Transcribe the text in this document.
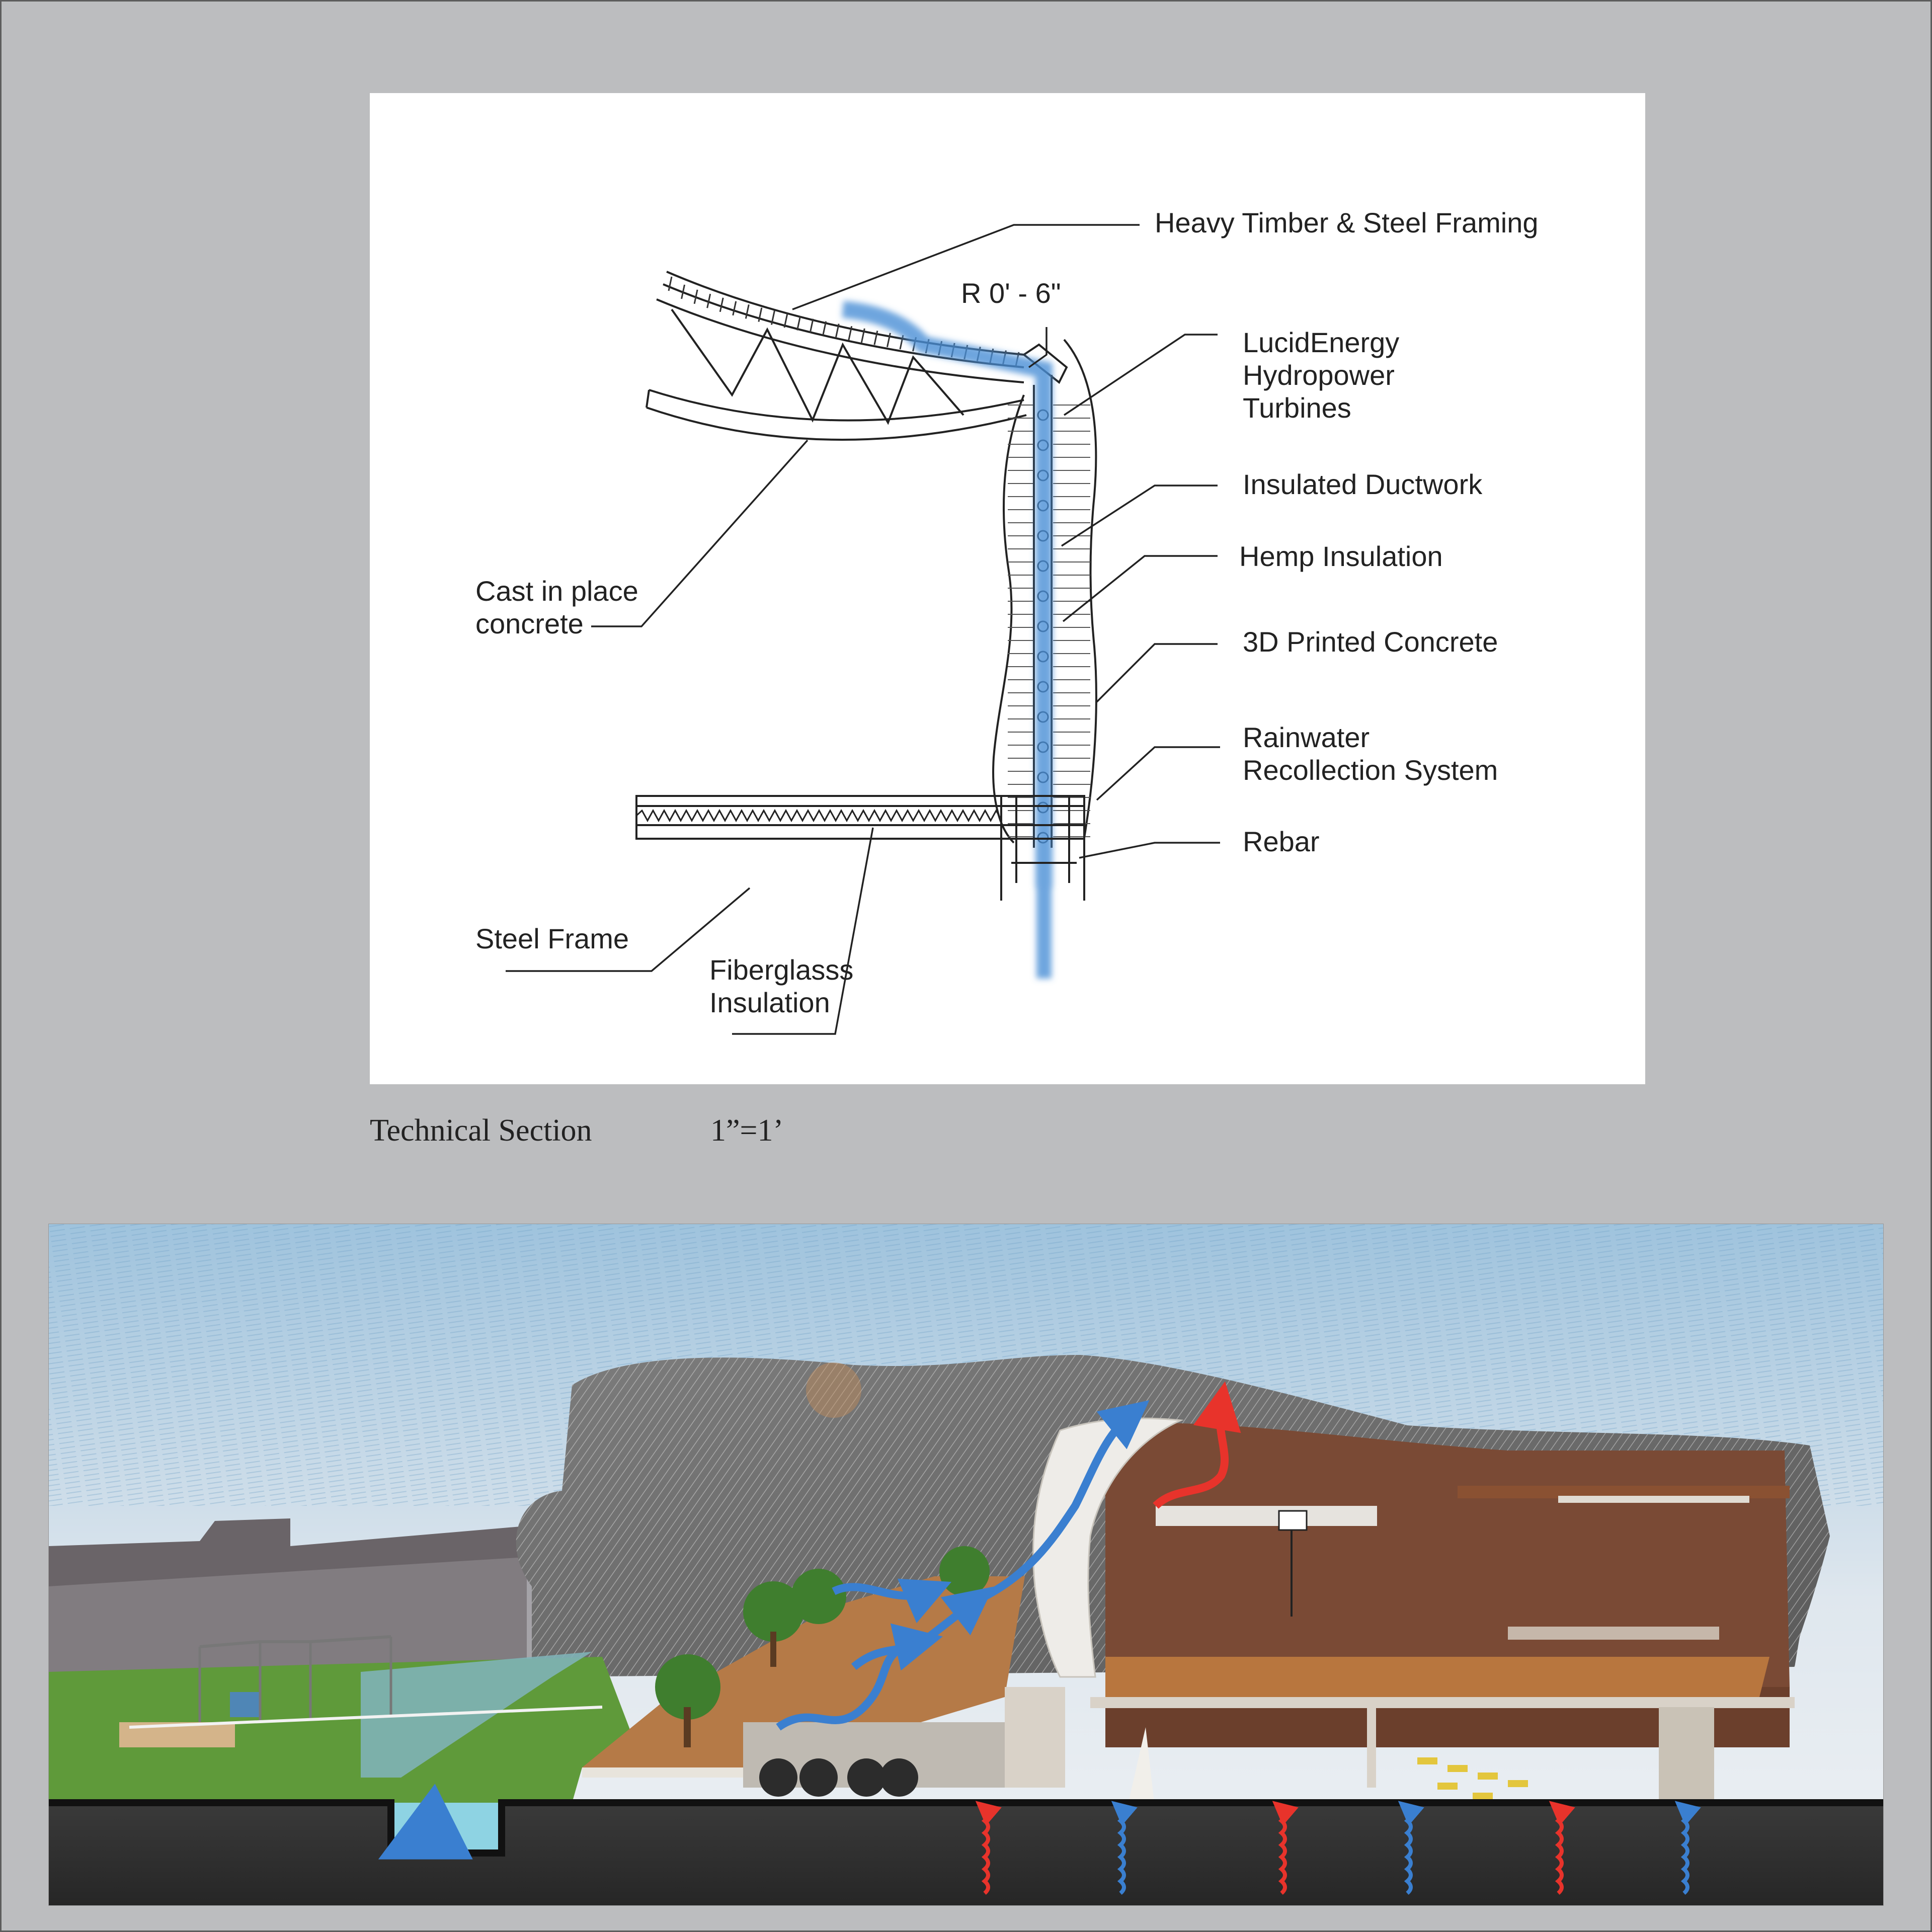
Heavy Timber & Steel Framing
R 0' - 6"
LucidEnergy
Hydropower
Turbines
Insulated Ductwork
Hemp Insulation
3D Printed Concrete
Rainwater
Recollection System
Rebar
Cast in place
concrete
Steel Frame
Fiberglasss
Insulation
Technical Section	1”=1’
